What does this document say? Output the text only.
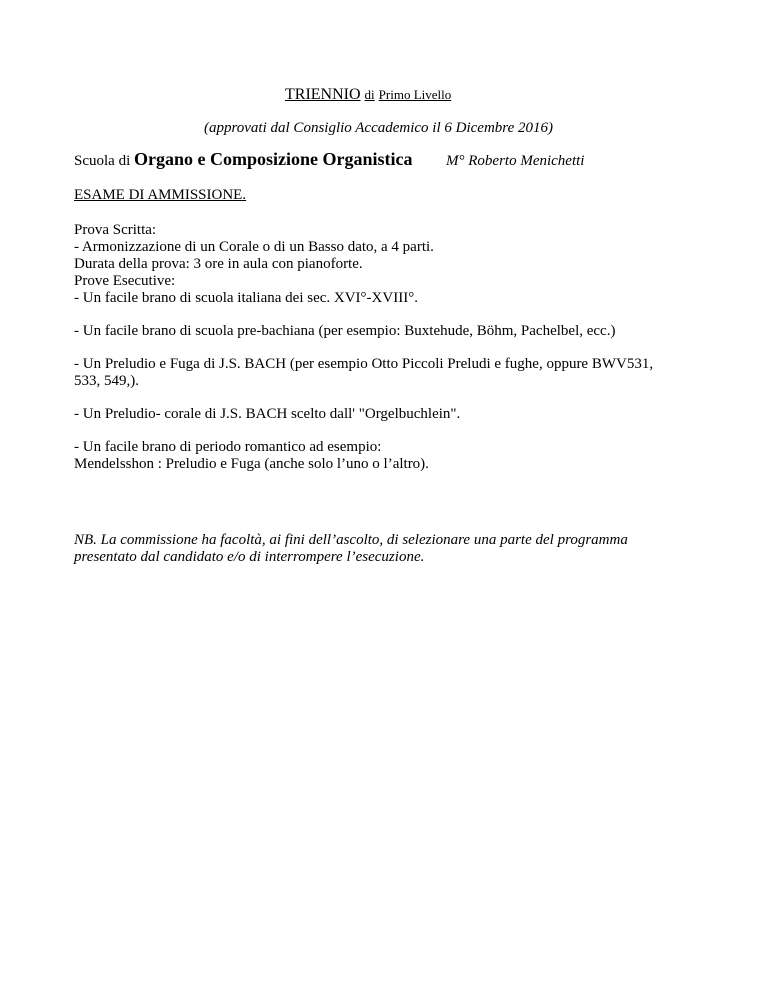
TRIENNIO di Primo Livello
(approvati dal Consiglio Accademico il 6 Dicembre 2016)
Scuola di Organo e Composizione Organistica M° Roberto Menichetti
ESAME DI AMMISSIONE.
Prova Scritta:
- Armonizzazione di un Corale o di un Basso dato, a 4 parti.
Durata della prova: 3 ore in aula con pianoforte.
Prove Esecutive:
- Un facile brano di scuola italiana dei sec. XVI°-XVIII°.
- Un facile brano di scuola pre-bachiana (per esempio: Buxtehude, Böhm, Pachelbel, ecc.)
- Un Preludio e Fuga di J.S. BACH (per esempio Otto Piccoli Preludi e fughe, oppure BWV531,
533, 549,).
- Un Preludio- corale di J.S. BACH scelto dall' "Orgelbuchlein".
- Un facile brano di periodo romantico ad esempio:
Mendelsshon : Preludio e Fuga (anche solo l’uno o l’altro).
NB. La commissione ha facoltà, ai fini dell’ascolto, di selezionare una parte del programma
presentato dal candidato e/o di interrompere l’esecuzione.
